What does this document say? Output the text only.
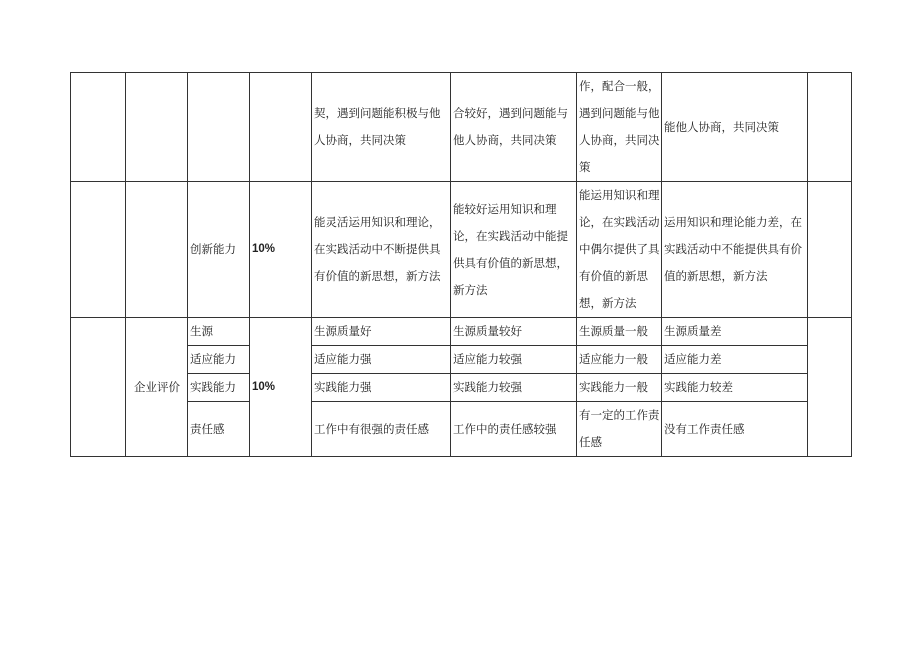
				契，遇到问题能积极与他人协商，共同决策	合较好，遇到问题能与他人协商，共同决策	作，配合一般，遇到问题能与他人协商，共同决策	能他人协商，共同决策	
		创新能力	10%	能灵活运用知识和理论，在实践活动中不断提供具有价值的新思想，新方法	能较好运用知识和理论，在实践活动中能提供具有价值的新思想，新方法	能运用知识和理论，在实践活动中偶尔提供了具有价值的新思想，新方法	运用知识和理论能力差，在实践活动中不能提供具有价值的新思想，新方法	
	企业评价	生源	10%	生源质量好	生源质量较好	生源质量一般	生源质量差	
		适应能力		适应能力强	适应能力较强	适应能力一般	适应能力差	
		实践能力		实践能力强	实践能力较强	实践能力一般	实践能力较差	
		责任感		工作中有很强的责任感	工作中的责任感较强	有一定的工作责任感	没有工作责任感	
